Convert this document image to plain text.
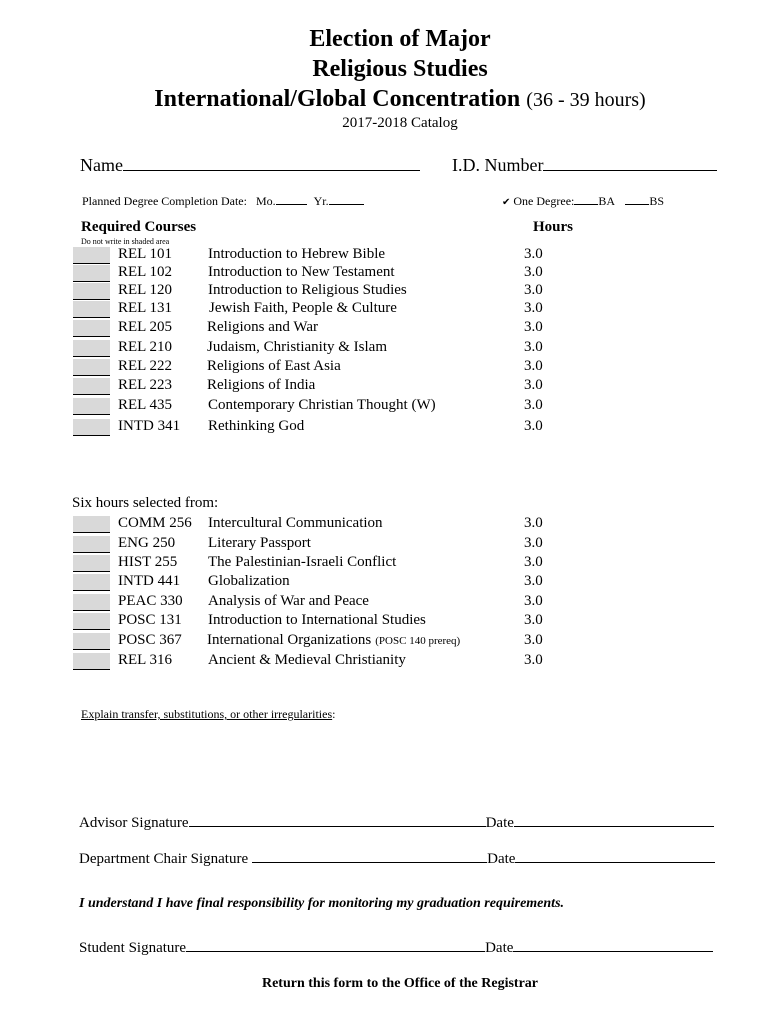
Election of Major
Religious Studies
International/Global Concentration (36 - 39 hours)
2017-2018 Catalog
Name	I.D. Number
Planned Degree Completion Date: Mo.	Yr.	✔ One Degree: BA	BS
Required Courses	Hours
Do not write in shaded area
REL 101 Introduction to Hebrew Bible	3.0
REL 102 Introduction to New Testament	3.0
REL 120 Introduction to Religious Studies	3.0
REL 131 Jewish Faith, People & Culture	3.0
REL 205 Religions and War	3.0
REL 210 Judaism, Christianity & Islam	3.0
REL 222 Religions of East Asia	3.0
REL 223 Religions of India	3.0
REL 435 Contemporary Christian Thought (W)	3.0
INTD 341 Rethinking God	3.0
Six hours selected from:
COMM 256 Intercultural Communication	3.0
ENG 250 Literary Passport	3.0
HIST 255 The Palestinian-Israeli Conflict	3.0
INTD 441 Globalization	3.0
PEAC 330 Analysis of War and Peace	3.0
POSC 131 Introduction to International Studies	3.0
POSC 367 International Organizations (POSC 140 prereq)	3.0
REL 316 Ancient & Medieval Christianity	3.0
Explain transfer, substitutions, or other irregularities:
Advisor Signature	Date
Department Chair Signature	Date
I understand I have final responsibility for monitoring my graduation requirements.
Student Signature	Date
Return this form to the Office of the Registrar
